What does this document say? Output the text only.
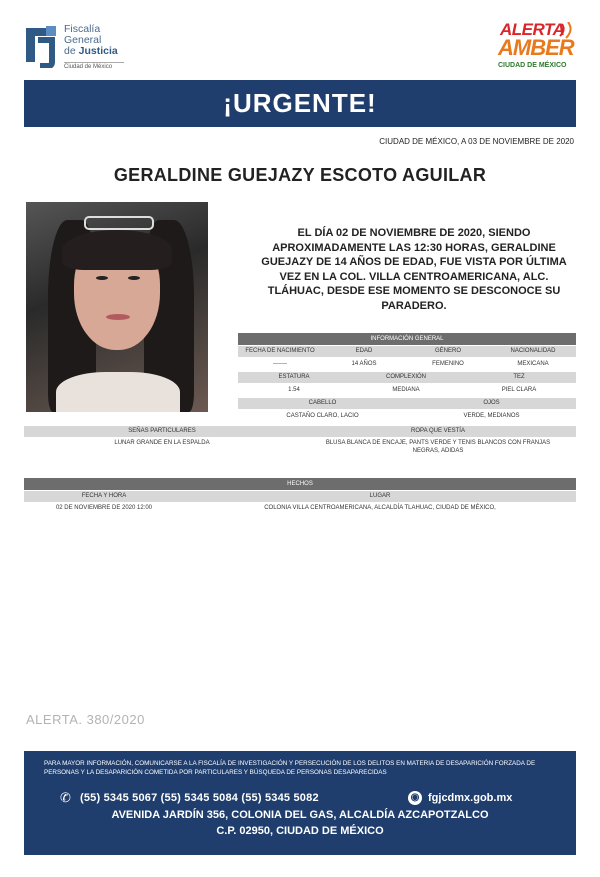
Fiscalía
General
de Justicia
Ciudad de México
ALERTA
AMBER
CIUDAD DE MÉXICO
¡URGENTE!
CIUDAD DE MÉXICO, A 03 DE NOVIEMBRE DE 2020
GERALDINE GUEJAZY ESCOTO AGUILAR
EL DÍA 02 DE NOVIEMBRE DE 2020, SIENDO APROXIMADAMENTE LAS 12:30 HORAS, GERALDINE GUEJAZY DE 14 AÑOS DE EDAD, FUE VISTA POR ÚLTIMA VEZ EN LA COL. VILLA CENTROAMERICANA, ALC. TLÁHUAC, DESDE ESE MOMENTO SE DESCONOCE SU PARADERO.
INFORMACIÓN GENERAL
FECHA DE NACIMIENTO	EDAD	GÉNERO	NACIONALIDAD
-------	14 AÑOS	FEMENINO	MEXICANA
ESTATURA	COMPLEXIÓN	TEZ
1.54	MEDIANA	PIEL CLARA
CABELLO	OJOS
CASTAÑO CLARO, LACIO	VERDE, MEDIANOS
SEÑAS PARTICULARES	ROPA QUE VESTÍA
LUNAR GRANDE EN LA ESPALDA	BLUSA BLANCA DE ENCAJE, PANTS VERDE Y TENIS BLANCOS CON FRANJAS
NEGRAS, ADIDAS
HECHOS
FECHA Y HORA	LUGAR
02 DE NOVIEMBRE DE 2020 12:00	COLONIA VILLA CENTROAMERICANA, ALCALDÍA TLAHUAC, CIUDAD DE MÉXICO,
ALERTA. 380/2020
PARA MAYOR INFORMACIÓN, COMUNICARSE A LA FISCALÍA DE INVESTIGACIÓN Y PERSECUCIÓN DE LOS DELITOS EN MATERIA DE DESAPARICIÓN FORZADA DE PERSONAS Y LA DESAPARICIÓN COMETIDA POR PARTICULARES Y BÚSQUEDA DE PERSONAS DESAPARECIDAS
✆ (55) 5345 5067 (55) 5345 5084 (55) 5345 5082	◉ fgjcdmx.gob.mx
AVENIDA JARDÍN 356, COLONIA DEL GAS, ALCALDÍA AZCAPOTZALCO
C.P. 02950, CIUDAD DE MÉXICO
